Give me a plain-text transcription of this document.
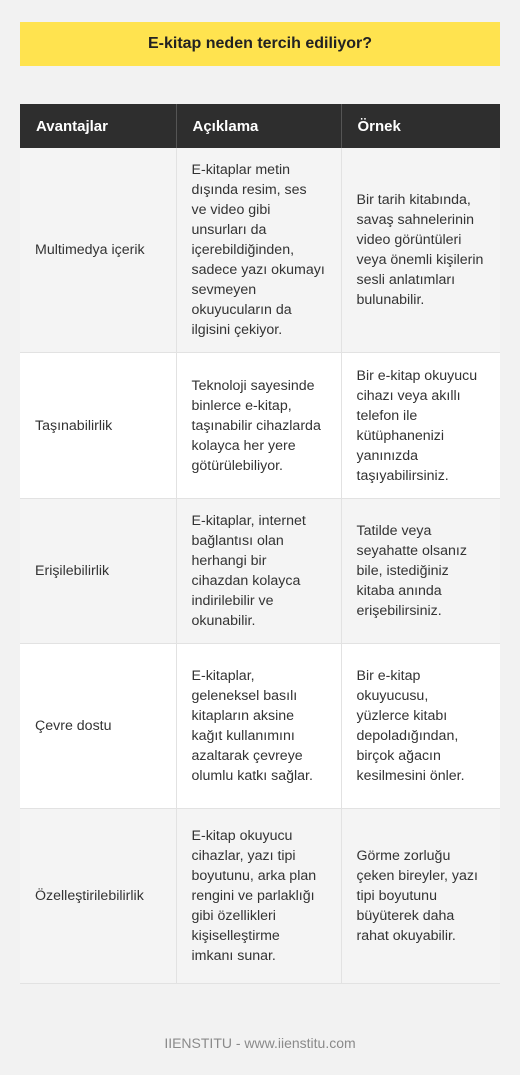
E-kitap neden tercih ediliyor?
Avantajlar	Açıklama	Örnek
Multimedya içerik	E-kitaplar metin dışında resim, ses ve video gibi unsurları da içerebildiğinden, sadece yazı okumayı sevmeyen okuyucuların da ilgisini çekiyor.	Bir tarih kitabında, savaş sahnelerinin video görüntüleri veya önemli kişilerin sesli anlatımları bulunabilir.
Taşınabilirlik	Teknoloji sayesinde binlerce e-kitap, taşınabilir cihazlarda kolayca her yere götürülebiliyor.	Bir e-kitap okuyucu cihazı veya akıllı telefon ile kütüphanenizi yanınızda taşıyabilirsiniz.
Erişilebilirlik	E-kitaplar, internet bağlantısı olan herhangi bir cihazdan kolayca indirilebilir ve okunabilir.	Tatilde veya seyahatte olsanız bile, istediğiniz kitaba anında erişebilirsiniz.
Çevre dostu	E-kitaplar, geleneksel basılı kitapların aksine kağıt kullanımını azaltarak çevreye olumlu katkı sağlar.	Bir e-kitap okuyucusu, yüzlerce kitabı depoladığından, birçok ağacın kesilmesini önler.
Özelleştirilebilirlik	E-kitap okuyucu cihazlar, yazı tipi boyutunu, arka plan rengini ve parlaklığı gibi özellikleri kişiselleştirme imkanı sunar.	Görme zorluğu çeken bireyler, yazı tipi boyutunu büyüterek daha rahat okuyabilir.
IIENSTITU - www.iienstitu.com
